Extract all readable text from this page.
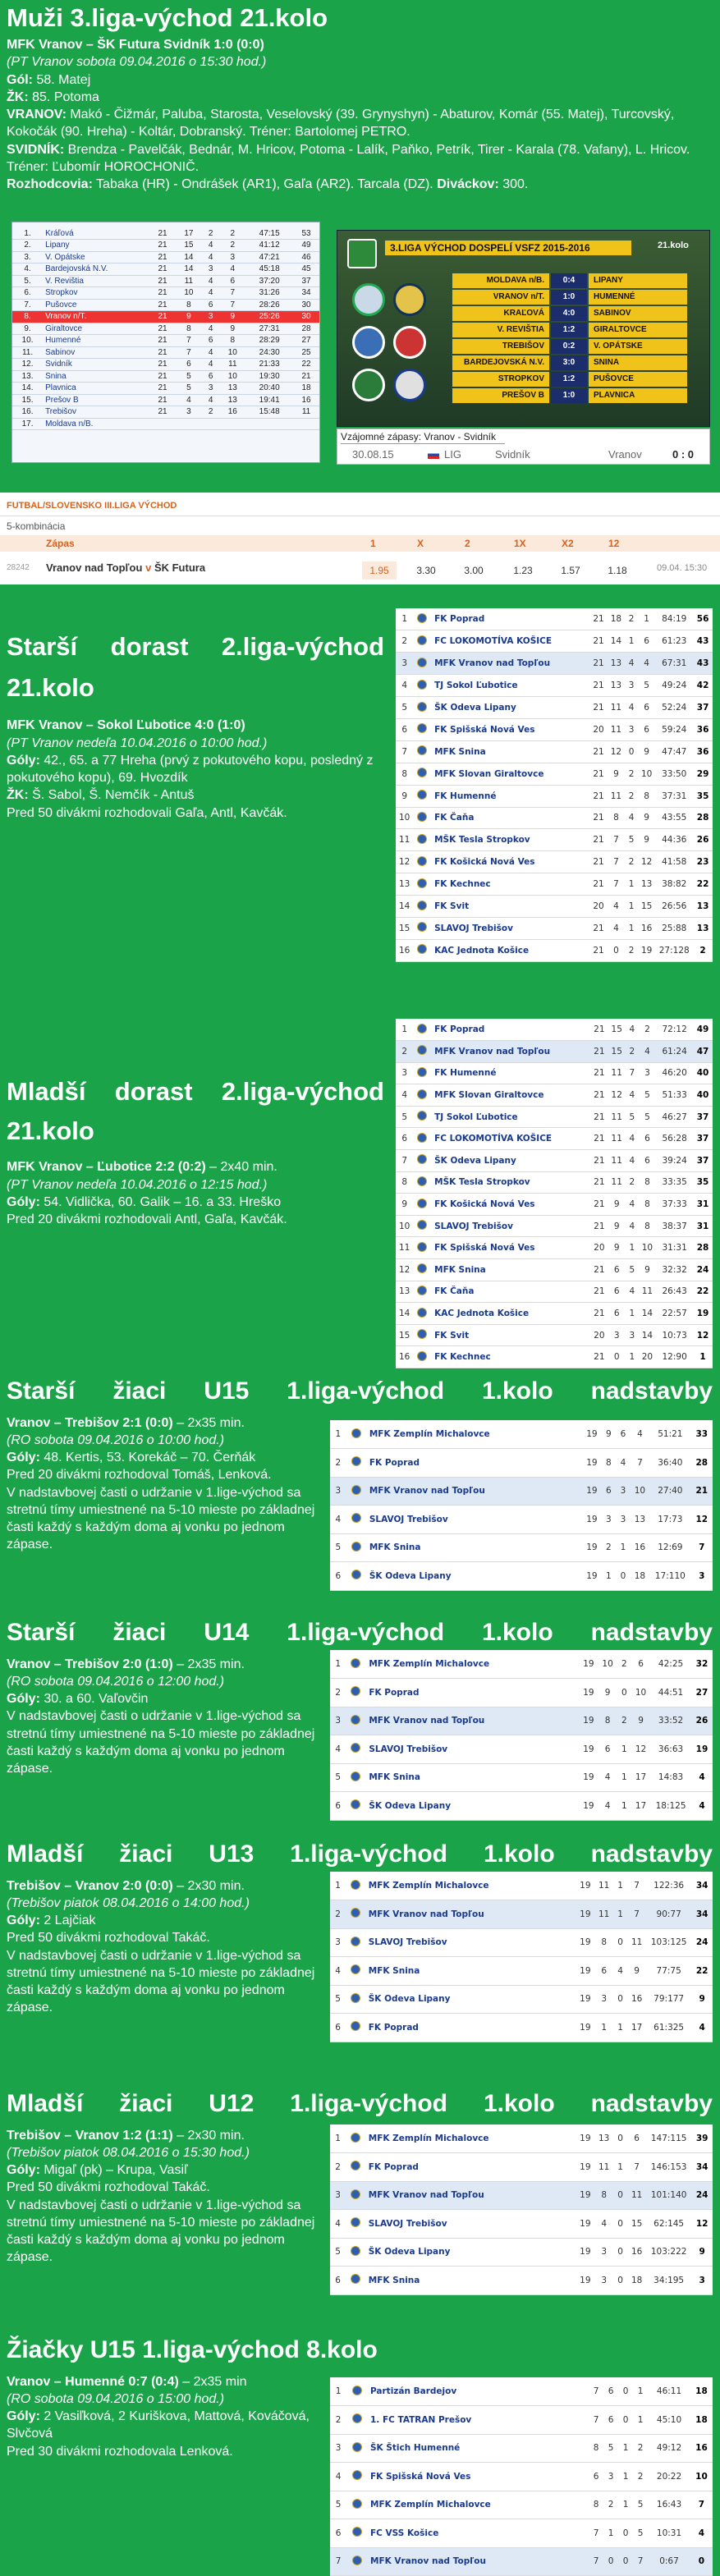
Muži 3.liga-východ 21.kolo
MFK Vranov – ŠK Futura Svidník 1:0 (0:0)
(PT Vranov sobota 09.04.2016 o 15:30 hod.)
Gól: 58. Matej
ŽK: 85. Potoma
VRANOV: Makó - Čižmár, Paluba, Starosta, Veselovský (39. Grynyshyn) - Abaturov, Komár (55. Matej), Turcovský, Kokočák (90. Hreha) - Koltár, Dobranský. Tréner: Bartolomej PETRO.
SVIDNÍK: Brendza - Pavelčák, Bednár, M. Hricov, Potoma - Lalík, Paňko, Petrík, Tirer - Karala (78. Vafany), L. Hricov. Tréner: Ľubomír HOROCHONIČ.
Rozhodcovia: Tabaka (HR) - Ondrášek (AR1), Gaľa (AR2). Tarcala (DZ). Diváckov: 300.
1.	Kráľová	21	17	2	2	47:15	53
2.	Lipany	21	15	4	2	41:12	49
3.	V. Opátske	21	14	4	3	47:21	46
4.	Bardejovská N.V.	21	14	3	4	45:18	45
5.	V. Revištia	21	11	4	6	37:20	37
6.	Stropkov	21	10	4	7	31:26	34
7.	Pušovce	21	8	6	7	28:26	30
8.	Vranov n/T.	21	9	3	9	25:26	30
9.	Giraltovce	21	8	4	9	27:31	28
10.	Humenné	21	7	6	8	28:29	27
11.	Sabinov	21	7	4	10	24:30	25
12.	Svidník	21	6	4	11	21:33	22
13.	Snina	21	5	6	10	19:30	21
14.	Plavnica	21	5	3	13	20:40	18
15.	Prešov B	21	4	4	13	19:41	16
16.	Trebišov	21	3	2	16	15:48	11
17.	Moldava n/B.						
3.LIGA VÝCHOD DOSPELÍ VSFZ 2015-2016	21.kolo
MOLDAVA n/B.	0:4	LIPANY
VRANOV n/T.	1:0	HUMENNÉ
KRAĽOVÁ	4:0	SABINOV
V. REVIŠTIA	1:2	GIRALTOVCE
TREBIŠOV	0:2	V. OPÁTSKE
BARDEJOVSKÁ N.V.	3:0	SNINA
STROPKOV	1:2	PUŠOVCE
PREŠOV B	1:0	PLAVNICA
Vzájomné zápasy: Vranov - Svidník
30.08.15	LIG	Svidník	Vranov	0 : 0
FUTBAL/SLOVENSKO III.LIGA VÝCHOD
5-kombinácia
Zápas	1	X	2	1X	X2	12
28242 Vranov nad Topľou v ŠK Futura	1.95	3.30	3.00	1.23	1.57	1.18	09.04. 15:30
Starší dorast 2.liga-východ
21.kolo
MFK Vranov – Sokol Ľubotice 4:0 (1:0)
(PT Vranov nedeľa 10.04.2016 o 10:00 hod.)
Góly: 42., 65. a 77 Hreha (prvý z pokutového kopu, posledný z pokutového kopu), 69. Hvozdík
ŽK: Š. Sabol, Š. Nemčík - Antuš
Pred 50 divákmi rozhodovali Gaľa, Antl, Kavčák.
1		FK Poprad	21	18	2	1	84:19	56
2		FC LOKOMOTÍVA KOŠICE	21	14	1	6	61:23	43
3		MFK Vranov nad Topľou	21	13	4	4	67:31	43
4		TJ Sokol Ľubotice	21	13	3	5	49:24	42
5		ŠK Odeva Lipany	21	11	4	6	52:24	37
6		FK Spišská Nová Ves	20	11	3	6	59:24	36
7		MFK Snina	21	12	0	9	47:47	36
8		MFK Slovan Giraltovce	21	9	2	10	33:50	29
9		FK Humenné	21	11	2	8	37:31	35
10		FK Čaňa	21	8	4	9	43:55	28
11		MŠK Tesla Stropkov	21	7	5	9	44:36	26
12		FK Košická Nová Ves	21	7	2	12	41:58	23
13		FK Kechnec	21	7	1	13	38:82	22
14		FK Svit	20	4	1	15	26:56	13
15		SLAVOJ Trebišov	21	4	1	16	25:88	13
16		KAC Jednota Košice	21	0	2	19	27:128	2
Mladší dorast 2.liga-východ
21.kolo
MFK Vranov – Ľubotice 2:2 (0:2) – 2x40 min.
(PT Vranov nedeľa 10.04.2016 o 12:15 hod.)
Góly: 54. Vidlička, 60. Galik – 16. a 33. Hreško
Pred 20 divákmi rozhodovali Antl, Gaľa, Kavčák.
1		FK Poprad	21	15	4	2	72:12	49
2		MFK Vranov nad Topľou	21	15	2	4	61:24	47
3		FK Humenné	21	11	7	3	46:20	40
4		MFK Slovan Giraltovce	21	12	4	5	51:33	40
5		TJ Sokol Ľubotice	21	11	5	5	46:27	37
6		FC LOKOMOTÍVA KOŠICE	21	11	4	6	56:28	37
7		ŠK Odeva Lipany	21	11	4	6	39:24	37
8		MŠK Tesla Stropkov	21	11	2	8	33:35	35
9		FK Košická Nová Ves	21	9	4	8	37:33	31
10		SLAVOJ Trebišov	21	9	4	8	38:37	31
11		FK Spišská Nová Ves	20	9	1	10	31:31	28
12		MFK Snina	21	6	5	9	32:32	24
13		FK Čaňa	21	6	4	11	26:43	22
14		KAC Jednota Košice	21	6	1	14	22:57	19
15		FK Svit	20	3	3	14	10:73	12
16		FK Kechnec	21	0	1	20	12:90	1
Starší žiaci U15 1.liga-východ 1.kolo nadstavby
Vranov – Trebišov 2:1 (0:0) – 2x35 min.
(RO sobota 09.04.2016 o 10:00 hod.)
Góly: 48. Kertis, 53. Korekáč – 70. Čerňák
Pred 20 divákmi rozhodoval Tomáš, Lenková.
V nadstavbovej časti o udržanie v 1.lige-východ sa stretnú tímy umiestnené na 5-10 mieste po základnej časti každý s každým doma aj vonku po jednom zápase.
1		MFK Zemplín Michalovce	19	9	6	4	51:21	33
2		FK Poprad	19	8	4	7	36:40	28
3		MFK Vranov nad Topľou	19	6	3	10	27:40	21
4		SLAVOJ Trebišov	19	3	3	13	17:73	12
5		MFK Snina	19	2	1	16	12:69	7
6		ŠK Odeva Lipany	19	1	0	18	17:110	3
Starší žiaci U14 1.liga-východ 1.kolo nadstavby
Vranov – Trebišov 2:0 (1:0) – 2x35 min.
(RO sobota 09.04.2016 o 12:00 hod.)
Góly: 30. a 60. Vaľovčin
V nadstavbovej časti o udržanie v 1.lige-východ sa stretnú tímy umiestnené na 5-10 mieste po základnej časti každý s každým doma aj vonku po jednom zápase.
1		MFK Zemplín Michalovce	19	10	2	6	42:25	32
2		FK Poprad	19	9	0	10	44:51	27
3		MFK Vranov nad Topľou	19	8	2	9	33:52	26
4		SLAVOJ Trebišov	19	6	1	12	36:63	19
5		MFK Snina	19	4	1	17	14:83	4
6		ŠK Odeva Lipany	19	4	1	17	18:125	4
Mladší žiaci U13 1.liga-východ 1.kolo nadstavby
Trebišov – Vranov 2:0 (0:0) – 2x30 min.
(Trebišov piatok 08.04.2016 o 14:00 hod.)
Góly: 2 Lajčiak
Pred 50 divákmi rozhodoval Takáč.
V nadstavbovej časti o udržanie v 1.lige-východ sa stretnú tímy umiestnené na 5-10 mieste po základnej časti každý s každým doma aj vonku po jednom zápase.
1		MFK Zemplín Michalovce	19	11	1	7	122:36	34
2		MFK Vranov nad Topľou	19	11	1	7	90:77	34
3		SLAVOJ Trebišov	19	8	0	11	103:125	24
4		MFK Snina	19	6	4	9	77:75	22
5		ŠK Odeva Lipany	19	3	0	16	79:177	9
6		FK Poprad	19	1	1	17	61:325	4
Mladší žiaci U12 1.liga-východ 1.kolo nadstavby
Trebišov – Vranov 1:2 (1:1) – 2x30 min.
(Trebišov piatok 08.04.2016 o 15:30 hod.)
Góly: Migaľ (pk) – Krupa, Vasiľ
Pred 50 divákmi rozhodoval Takáč.
V nadstavbovej časti o udržanie v 1.lige-východ sa stretnú tímy umiestnené na 5-10 mieste po základnej časti každý s každým doma aj vonku po jednom zápase.
1		MFK Zemplín Michalovce	19	13	0	6	147:115	39
2		FK Poprad	19	11	1	7	146:153	34
3		MFK Vranov nad Topľou	19	8	0	11	101:140	24
4		SLAVOJ Trebišov	19	4	0	15	62:145	12
5		ŠK Odeva Lipany	19	3	0	16	103:222	9
6		MFK Snina	19	3	0	18	34:195	3
Žiačky U15 1.liga-východ 8.kolo
Vranov – Humenné 0:7 (0:4) – 2x35 min
(RO sobota 09.04.2016 o 15:00 hod.)
Góly: 2 Vasiľková, 2 Kuriškova, Mattová, Kováčová, Slvčová
Pred 30 divákmi rozhodovala Lenková.
1		Partizán Bardejov	7	6	0	1	46:11	18
2		1. FC TATRAN Prešov	7	6	0	1	45:10	18
3		ŠK Štich Humenné	8	5	1	2	49:12	16
4		FK Spišská Nová Ves	6	3	1	2	20:22	10
5		MFK Zemplín Michalovce	8	2	1	5	16:43	7
6		FC VSS Košice	7	1	0	5	10:31	4
7		MFK Vranov nad Topľou	7	0	0	7	0:67	0
